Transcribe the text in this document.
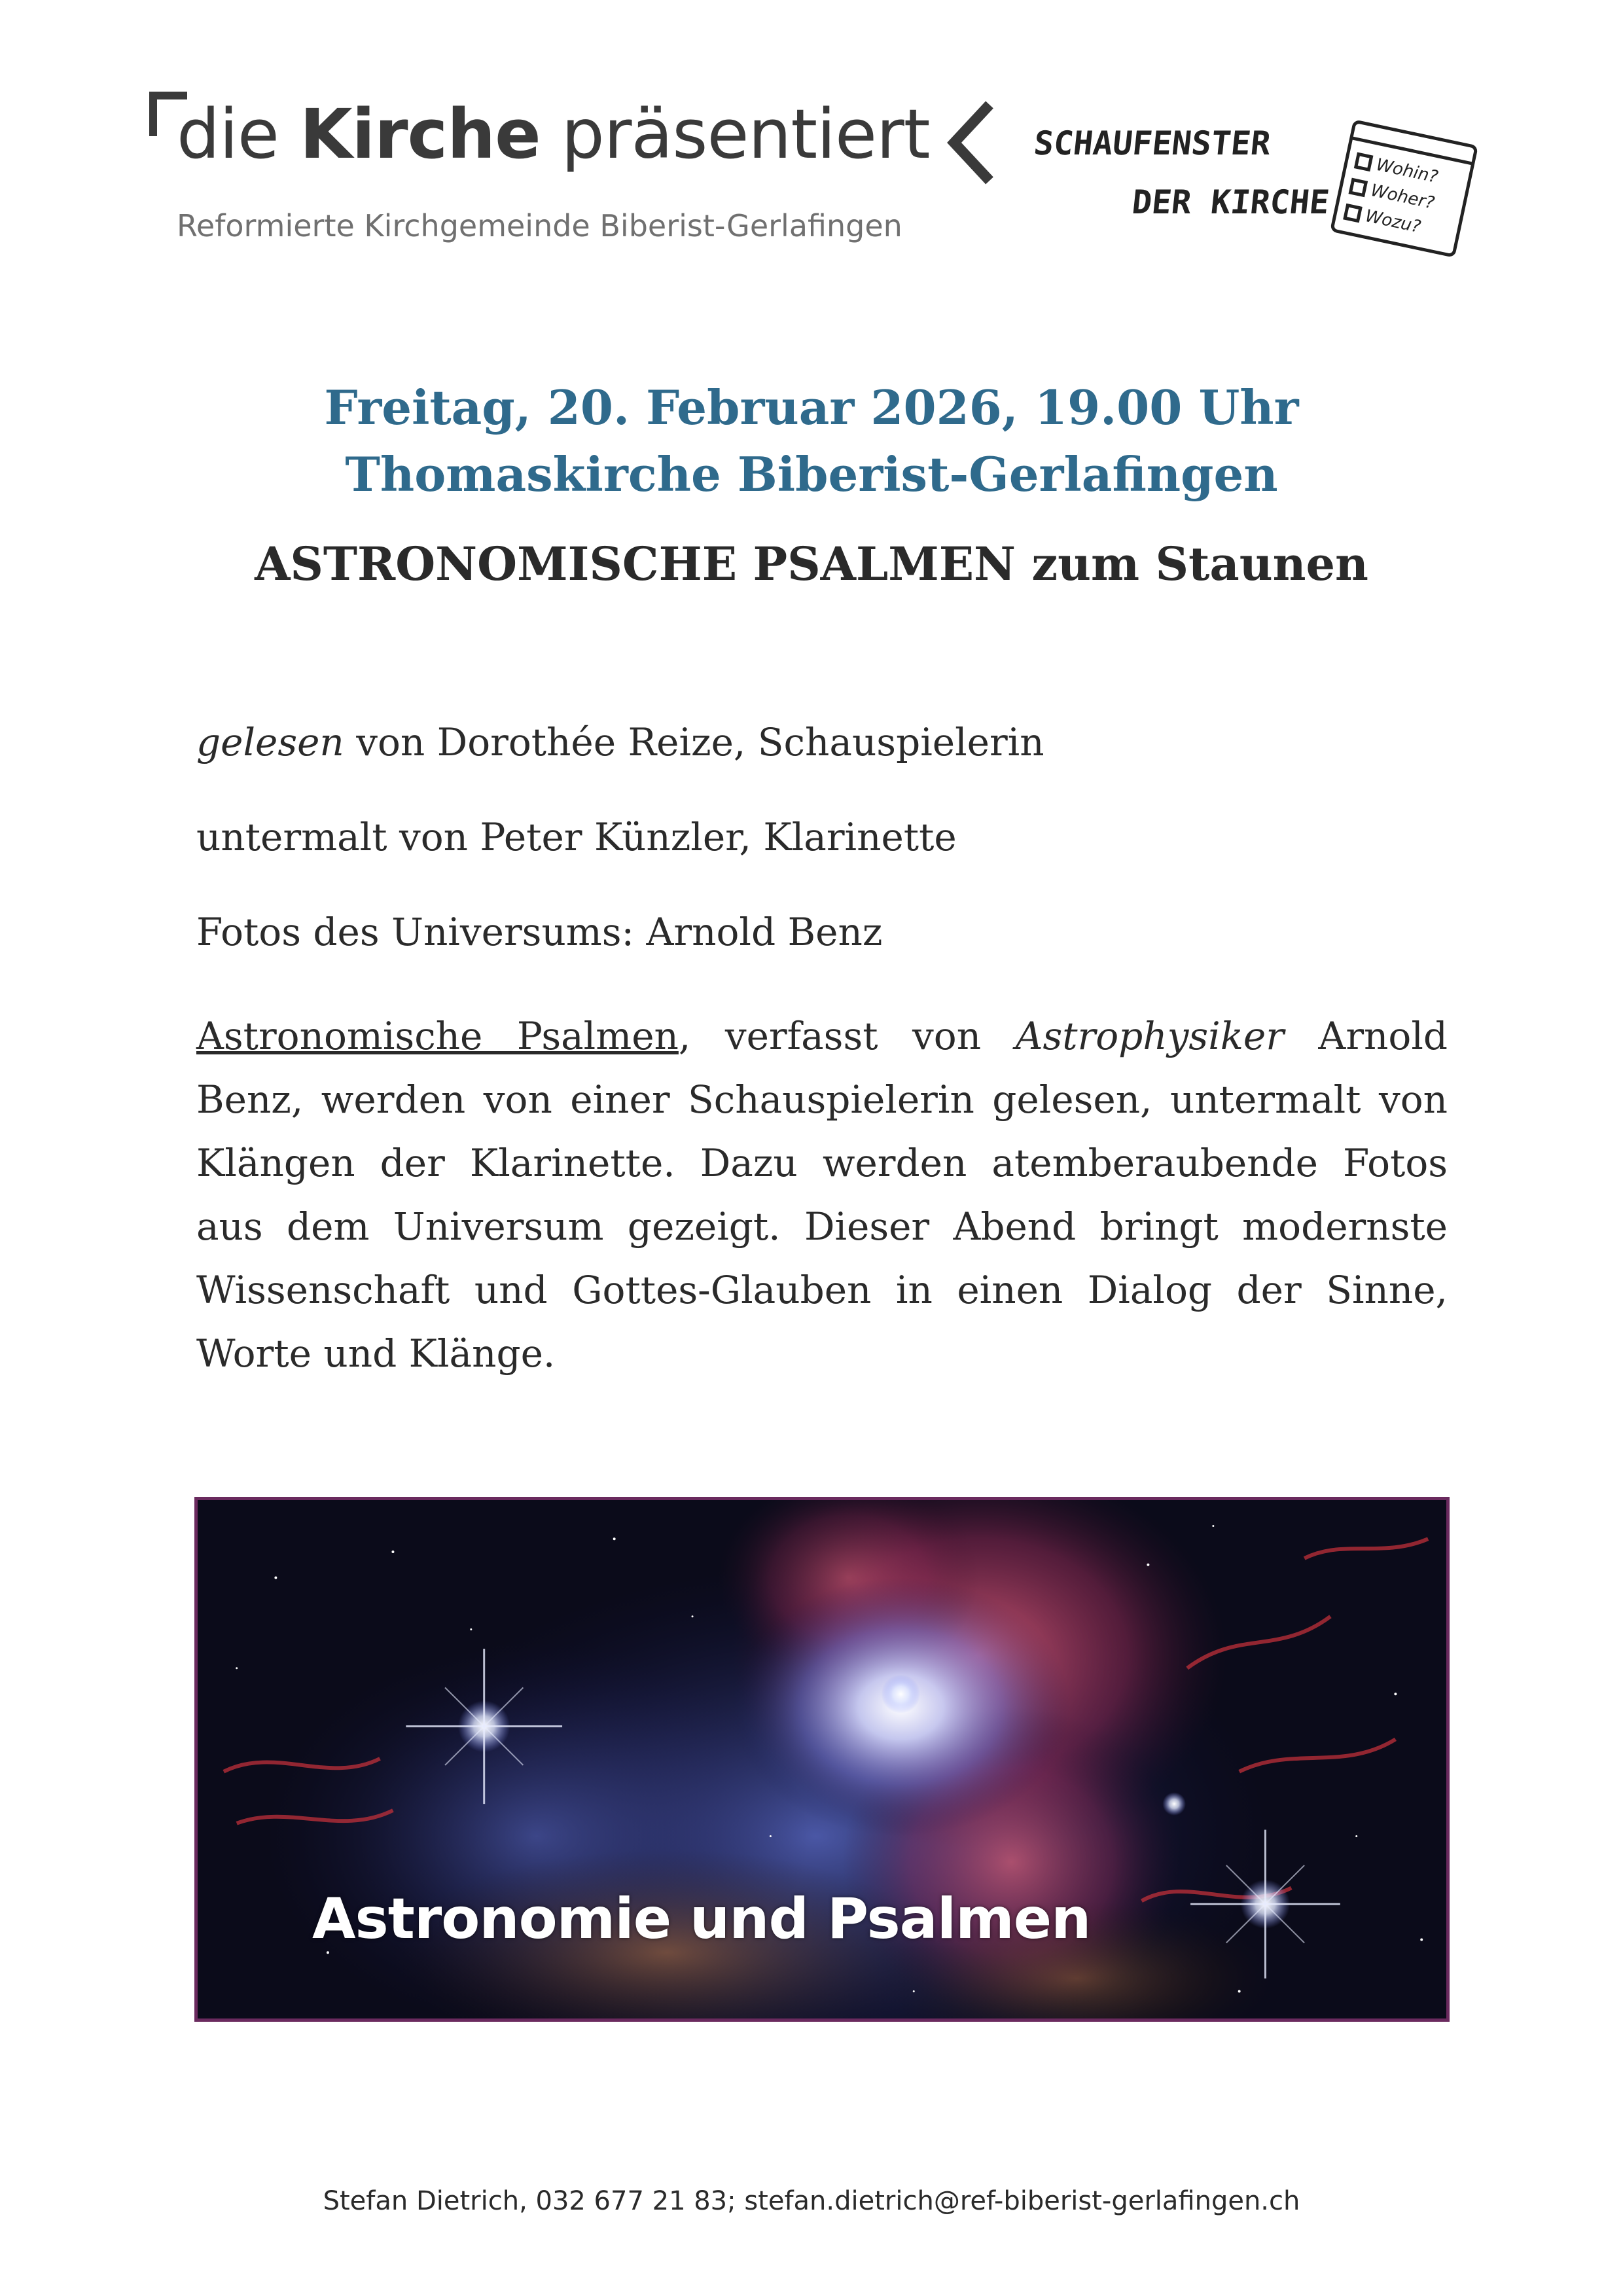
die Kirche präsentiert
Reformierte Kirchgemeinde Biberist-Gerlafingen
SCHAUFENSTER
DER KIRCHE
Wohin?
Woher?
Wozu?
Freitag, 20. Februar 2026, 19.00 Uhr
Thomaskirche Biberist-Gerlafingen
ASTRONOMISCHE PSALMEN zum Staunen
gelesen von Dorothée Reize, Schauspielerin
untermalt von Peter Künzler, Klarinette
Fotos des Universums: Arnold Benz
Astronomische Psalmen, verfasst von Astrophysiker Arnold Benz, werden von einer Schauspielerin gelesen, untermalt von Klängen der Klarinette. Dazu werden atemberaubende Fotos aus dem Universum gezeigt. Dieser Abend bringt modernste Wissenschaft und Gottes-Glauben in einen Dialog der Sinne, Worte und Klänge.
Astronomie und Psalmen
Stefan Dietrich, 032 677 21 83; stefan.dietrich@ref-biberist-gerlafingen.ch
